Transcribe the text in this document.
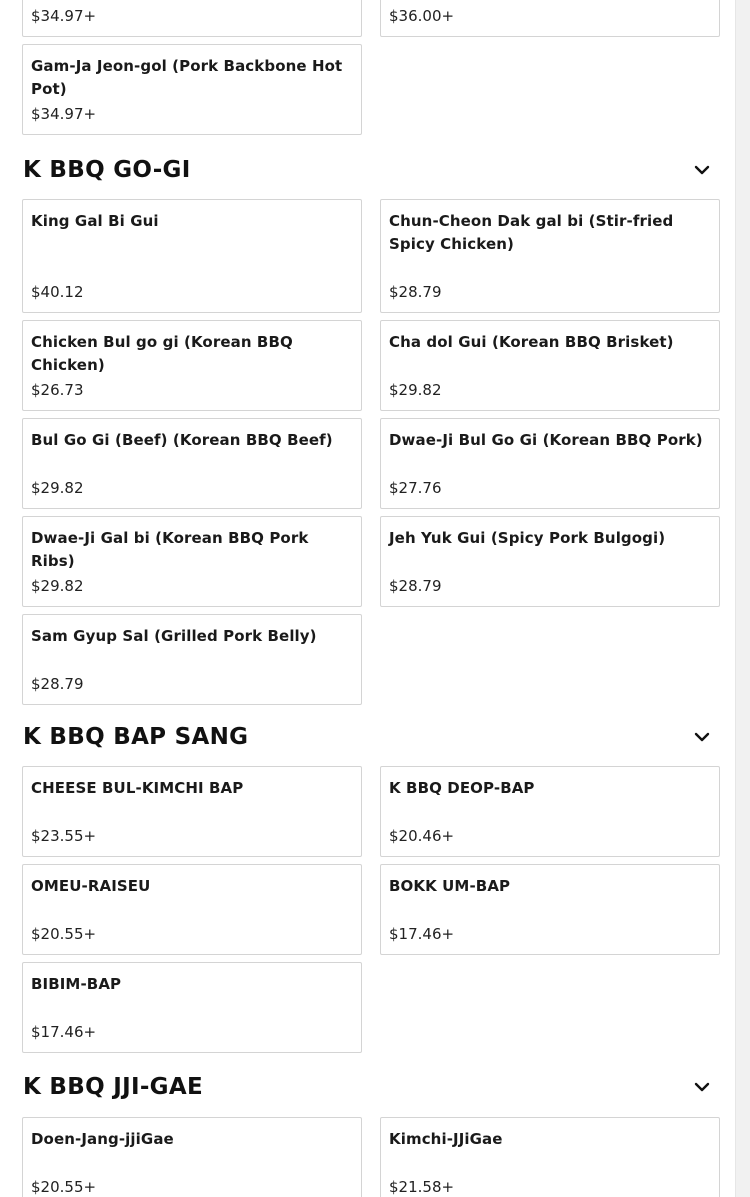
$34.97+	$36.00+
Gam-Ja Jeon-gol (Pork Backbone Hot Pot)
$34.97+
K BBQ GO-GI
King Gal Bi Gui
$40.12
Chun-Cheon Dak gal bi (Stir-fried Spicy Chicken)
$28.79
Chicken Bul go gi (Korean BBQ Chicken)
$26.73
Cha dol Gui (Korean BBQ Brisket)
$29.82
Bul Go Gi (Beef) (Korean BBQ Beef)
$29.82
Dwae-Ji Bul Go Gi (Korean BBQ Pork)
$27.76
Dwae-Ji Gal bi (Korean BBQ Pork Ribs)
$29.82
Jeh Yuk Gui (Spicy Pork Bulgogi)
$28.79
Sam Gyup Sal (Grilled Pork Belly)
$28.79
K BBQ BAP SANG
CHEESE BUL-KIMCHI BAP
$23.55+
K BBQ DEOP-BAP
$20.46+
OMEU-RAISEU
$20.55+
BOKK UM-BAP
$17.46+
BIBIM-BAP
$17.46+
K BBQ JJI-GAE
Doen-Jang-jjiGae
$20.55+
Kimchi-JJiGae
$21.58+
